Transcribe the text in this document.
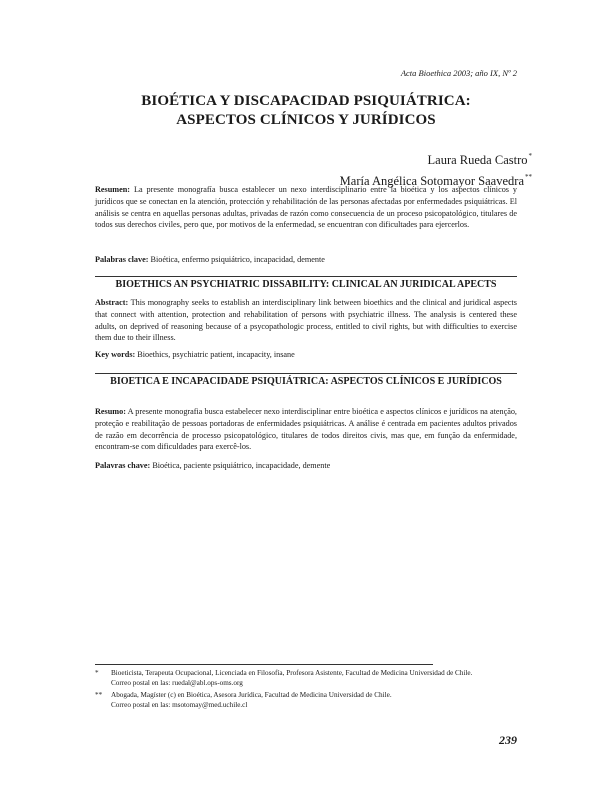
Acta Bioethica 2003; año IX, Nº 2
BIOÉTICA Y DISCAPACIDAD PSIQUIÁTRICA:
ASPECTOS CLÍNICOS Y JURÍDICOS
Laura Rueda Castro*
María Angélica Sotomayor Saavedra**
Resumen: La presente monografía busca establecer un nexo interdisciplinario entre la bioética y los aspectos clínicos y jurídicos que se conectan en la atención, protección y rehabilitación de las personas afectadas por enfermedades psiquiátricas. El análisis se centra en aquellas personas adultas, privadas de razón como consecuencia de un proceso psicopatológico, titulares de todos sus derechos civiles, pero que, por motivos de la enfermedad, se encuentran con dificultades para ejercerlos.
Palabras clave: Bioética, enfermo psiquiátrico, incapacidad, demente
BIOETHICS AN PSYCHIATRIC DISSABILITY: CLINICAL AN JURIDICAL APECTS
Abstract: This monography seeks to establish an interdisciplinary link between bioethics and the clinical and juridical aspects that connect with attention, protection and rehabilitation of persons with psychiatric illness. The analysis is centered these adults, on deprived of reasoning because of a psycopathologic process, entitled to civil rights, but with difficulties to exercise them due to their illness.
Key words: Bioethics, psychiatric patient, incapacity, insane
BIOETICA E INCAPACIDADE PSIQUIÁTRICA: ASPECTOS CLÍNICOS E JURÍDICOS
Resumo: A presente monografia busca estabelecer nexo interdisciplinar entre bioética e aspectos clínicos e jurídicos na atenção, proteção e reabilitação de pessoas portadoras de enfermidades psiquiátricas. A análise é centrada em pacientes adultos privados de razão em decorrência de processo psicopatológico, titulares de todos direitos civis, mas que, em função da enfermidade, encontram-se com dificuldades para exercê-los.
Palavras chave: Bioética, paciente psiquiátrico, incapacidade, demente
*	Bioeticista, Terapeuta Ocupacional, Licenciada en Filosofía, Profesora Asistente, Facultad de Medicina Universidad de Chile.
Correo postal en las: ruedal@abl.ops-oms.org
**	Abogada, Magíster (c) en Bioética, Asesora Jurídica, Facultad de Medicina Universidad de Chile.
Correo postal en las: msotomay@med.uchile.cl
239
